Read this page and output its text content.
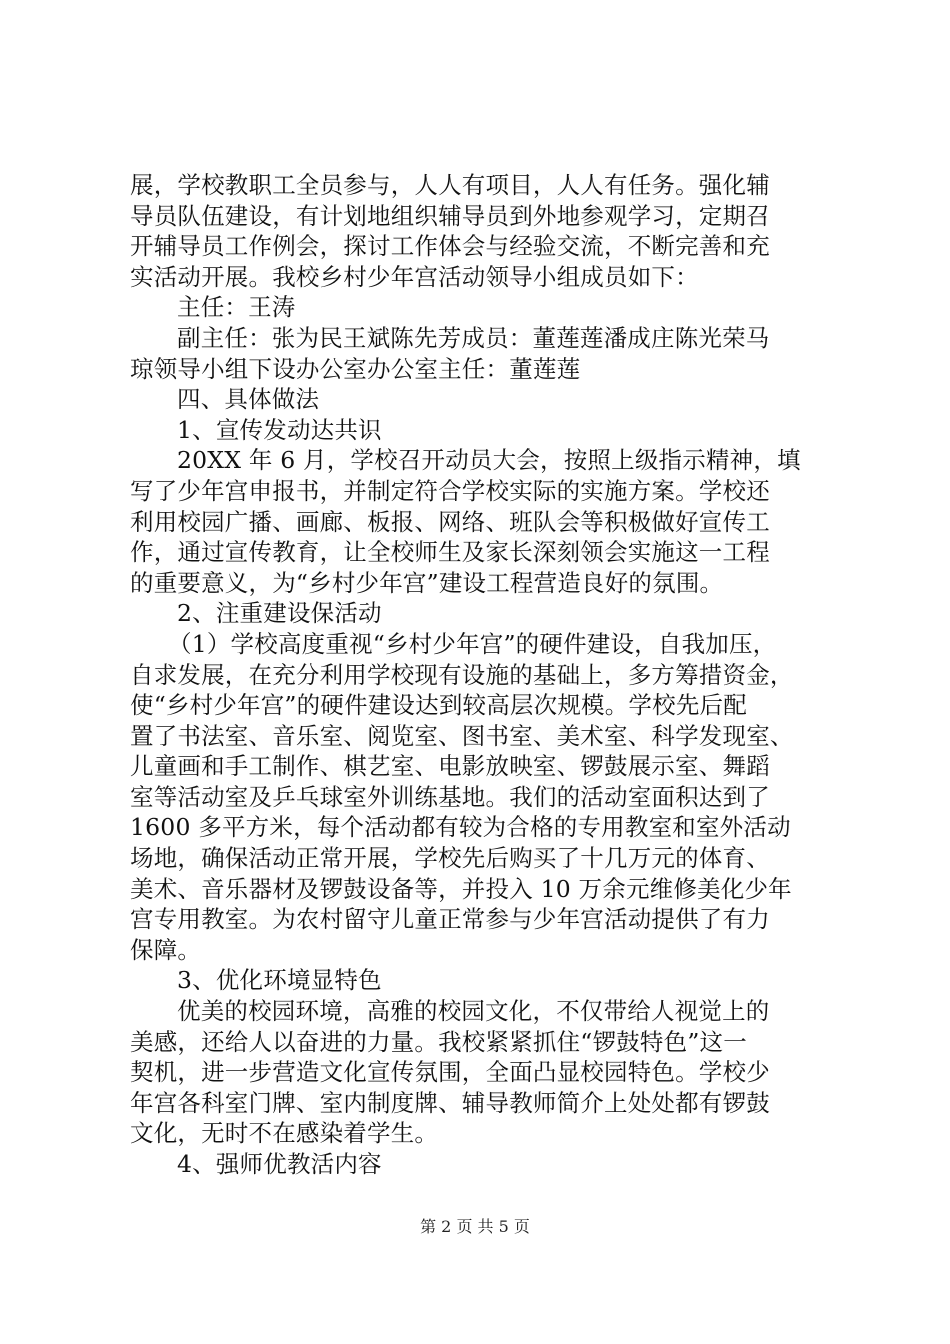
展，学校教职工全员参与，人人有项目，人人有任务。强化辅
导员队伍建设，有计划地组织辅导员到外地参观学习，定期召
开辅导员工作例会，探讨工作体会与经验交流，不断完善和充
实活动开展。我校乡村少年宫活动领导小组成员如下：
主任：王涛
副主任：张为民王斌陈先芳成员：董莲莲潘成庄陈光荣马
琼领导小组下设办公室办公室主任：董莲莲
四、具体做法
1、宣传发动达共识
20XX 年 6 月，学校召开动员大会，按照上级指示精神，填
写了少年宫申报书，并制定符合学校实际的实施方案。学校还
利用校园广播、画廊、板报、网络、班队会等积极做好宣传工
作，通过宣传教育，让全校师生及家长深刻领会实施这一工程
的重要意义，为“乡村少年宫”建设工程营造良好的氛围。
2、注重建设保活动
（1）学校高度重视“乡村少年宫”的硬件建设，自我加压，
自求发展，在充分利用学校现有设施的基础上，多方筹措资金，
使“乡村少年宫”的硬件建设达到较高层次规模。学校先后配
置了书法室、音乐室、阅览室、图书室、美术室、科学发现室、
儿童画和手工制作、棋艺室、电影放映室、锣鼓展示室、舞蹈
室等活动室及乒乓球室外训练基地。我们的活动室面积达到了
1600 多平方米，每个活动都有较为合格的专用教室和室外活动
场地，确保活动正常开展，学校先后购买了十几万元的体育、
美术、音乐器材及锣鼓设备等，并投入 10 万余元维修美化少年
宫专用教室。为农村留守儿童正常参与少年宫活动提供了有力
保障。
3、优化环境显特色
优美的校园环境，高雅的校园文化，不仅带给人视觉上的
美感，还给人以奋进的力量。我校紧紧抓住“锣鼓特色”这一
契机，进一步营造文化宣传氛围，全面凸显校园特色。学校少
年宫各科室门牌、室内制度牌、辅导教师简介上处处都有锣鼓
文化，无时不在感染着学生。
4、强师优教活内容
第 2 页 共 5 页
